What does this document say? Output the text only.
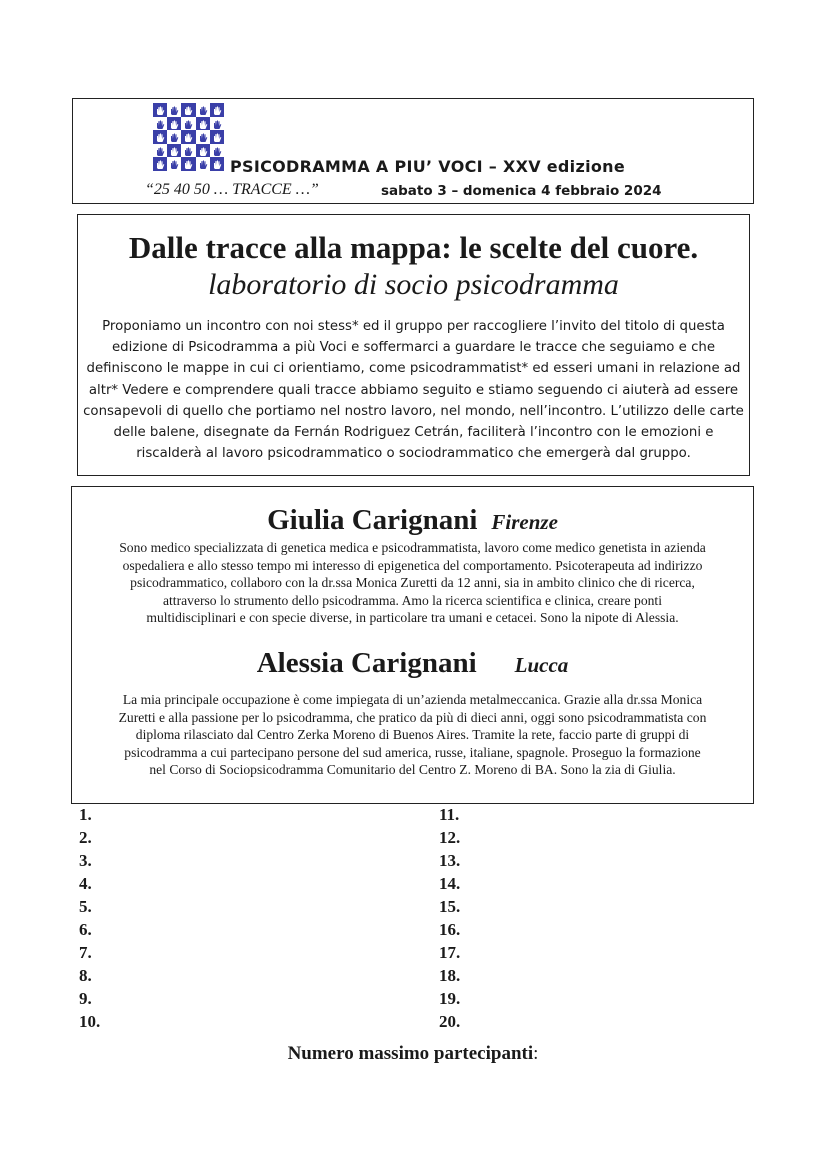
PSICODRAMMA A PIU’ VOCI – XXV edizione
“25 40 50 … TRACCE …”	sabato 3 – domenica 4 febbraio 2024
Dalle tracce alla mappa: le scelte del cuore.
laboratorio di socio psicodramma
Proponiamo un incontro con noi stess* ed il gruppo per raccogliere l’invito del titolo di questa
edizione di Psicodramma a più Voci e soffermarci a guardare le tracce che seguiamo e che
definiscono le mappe in cui ci orientiamo, come psicodrammatist* ed esseri umani in relazione ad
altr* Vedere e comprendere quali tracce abbiamo seguito e stiamo seguendo ci aiuterà ad essere
consapevoli di quello che portiamo nel nostro lavoro, nel mondo, nell’incontro. L’utilizzo delle carte
delle balene, disegnate da Fernán Rodriguez Cetrán, faciliterà l’incontro con le emozioni e
riscalderà al lavoro psicodrammatico o sociodrammatico che emergerà dal gruppo.
Giulia Carignani Firenze
Sono medico specializzata di genetica medica e psicodrammatista, lavoro come medico genetista in azienda
ospedaliera e allo stesso tempo mi interesso di epigenetica del comportamento. Psicoterapeuta ad indirizzo
psicodrammatico, collaboro con la dr.ssa Monica Zuretti da 12 anni, sia in ambito clinico che di ricerca,
attraverso lo strumento dello psicodramma. Amo la ricerca scientifica e clinica, creare ponti
multidisciplinari e con specie diverse, in particolare tra umani e cetacei. Sono la nipote di Alessia.
Alessia Carignani Lucca
La mia principale occupazione è come impiegata di un’azienda metalmeccanica. Grazie alla dr.ssa Monica
Zuretti e alla passione per lo psicodramma, che pratico da più di dieci anni, oggi sono psicodrammatista con
diploma rilasciato dal Centro Zerka Moreno di Buenos Aires. Tramite la rete, faccio parte di gruppi di
psicodramma a cui partecipano persone del sud america, russe, italiane, spagnole. Proseguo la formazione
nel Corso di Sociopsicodramma Comunitario del Centro Z. Moreno di BA. Sono la zia di Giulia.
1.
2.
3.
4.
5.
6.
7.
8.
9.
10.
11.
12.
13.
14.
15.
16.
17.
18.
19.
20.
Numero massimo partecipanti:
